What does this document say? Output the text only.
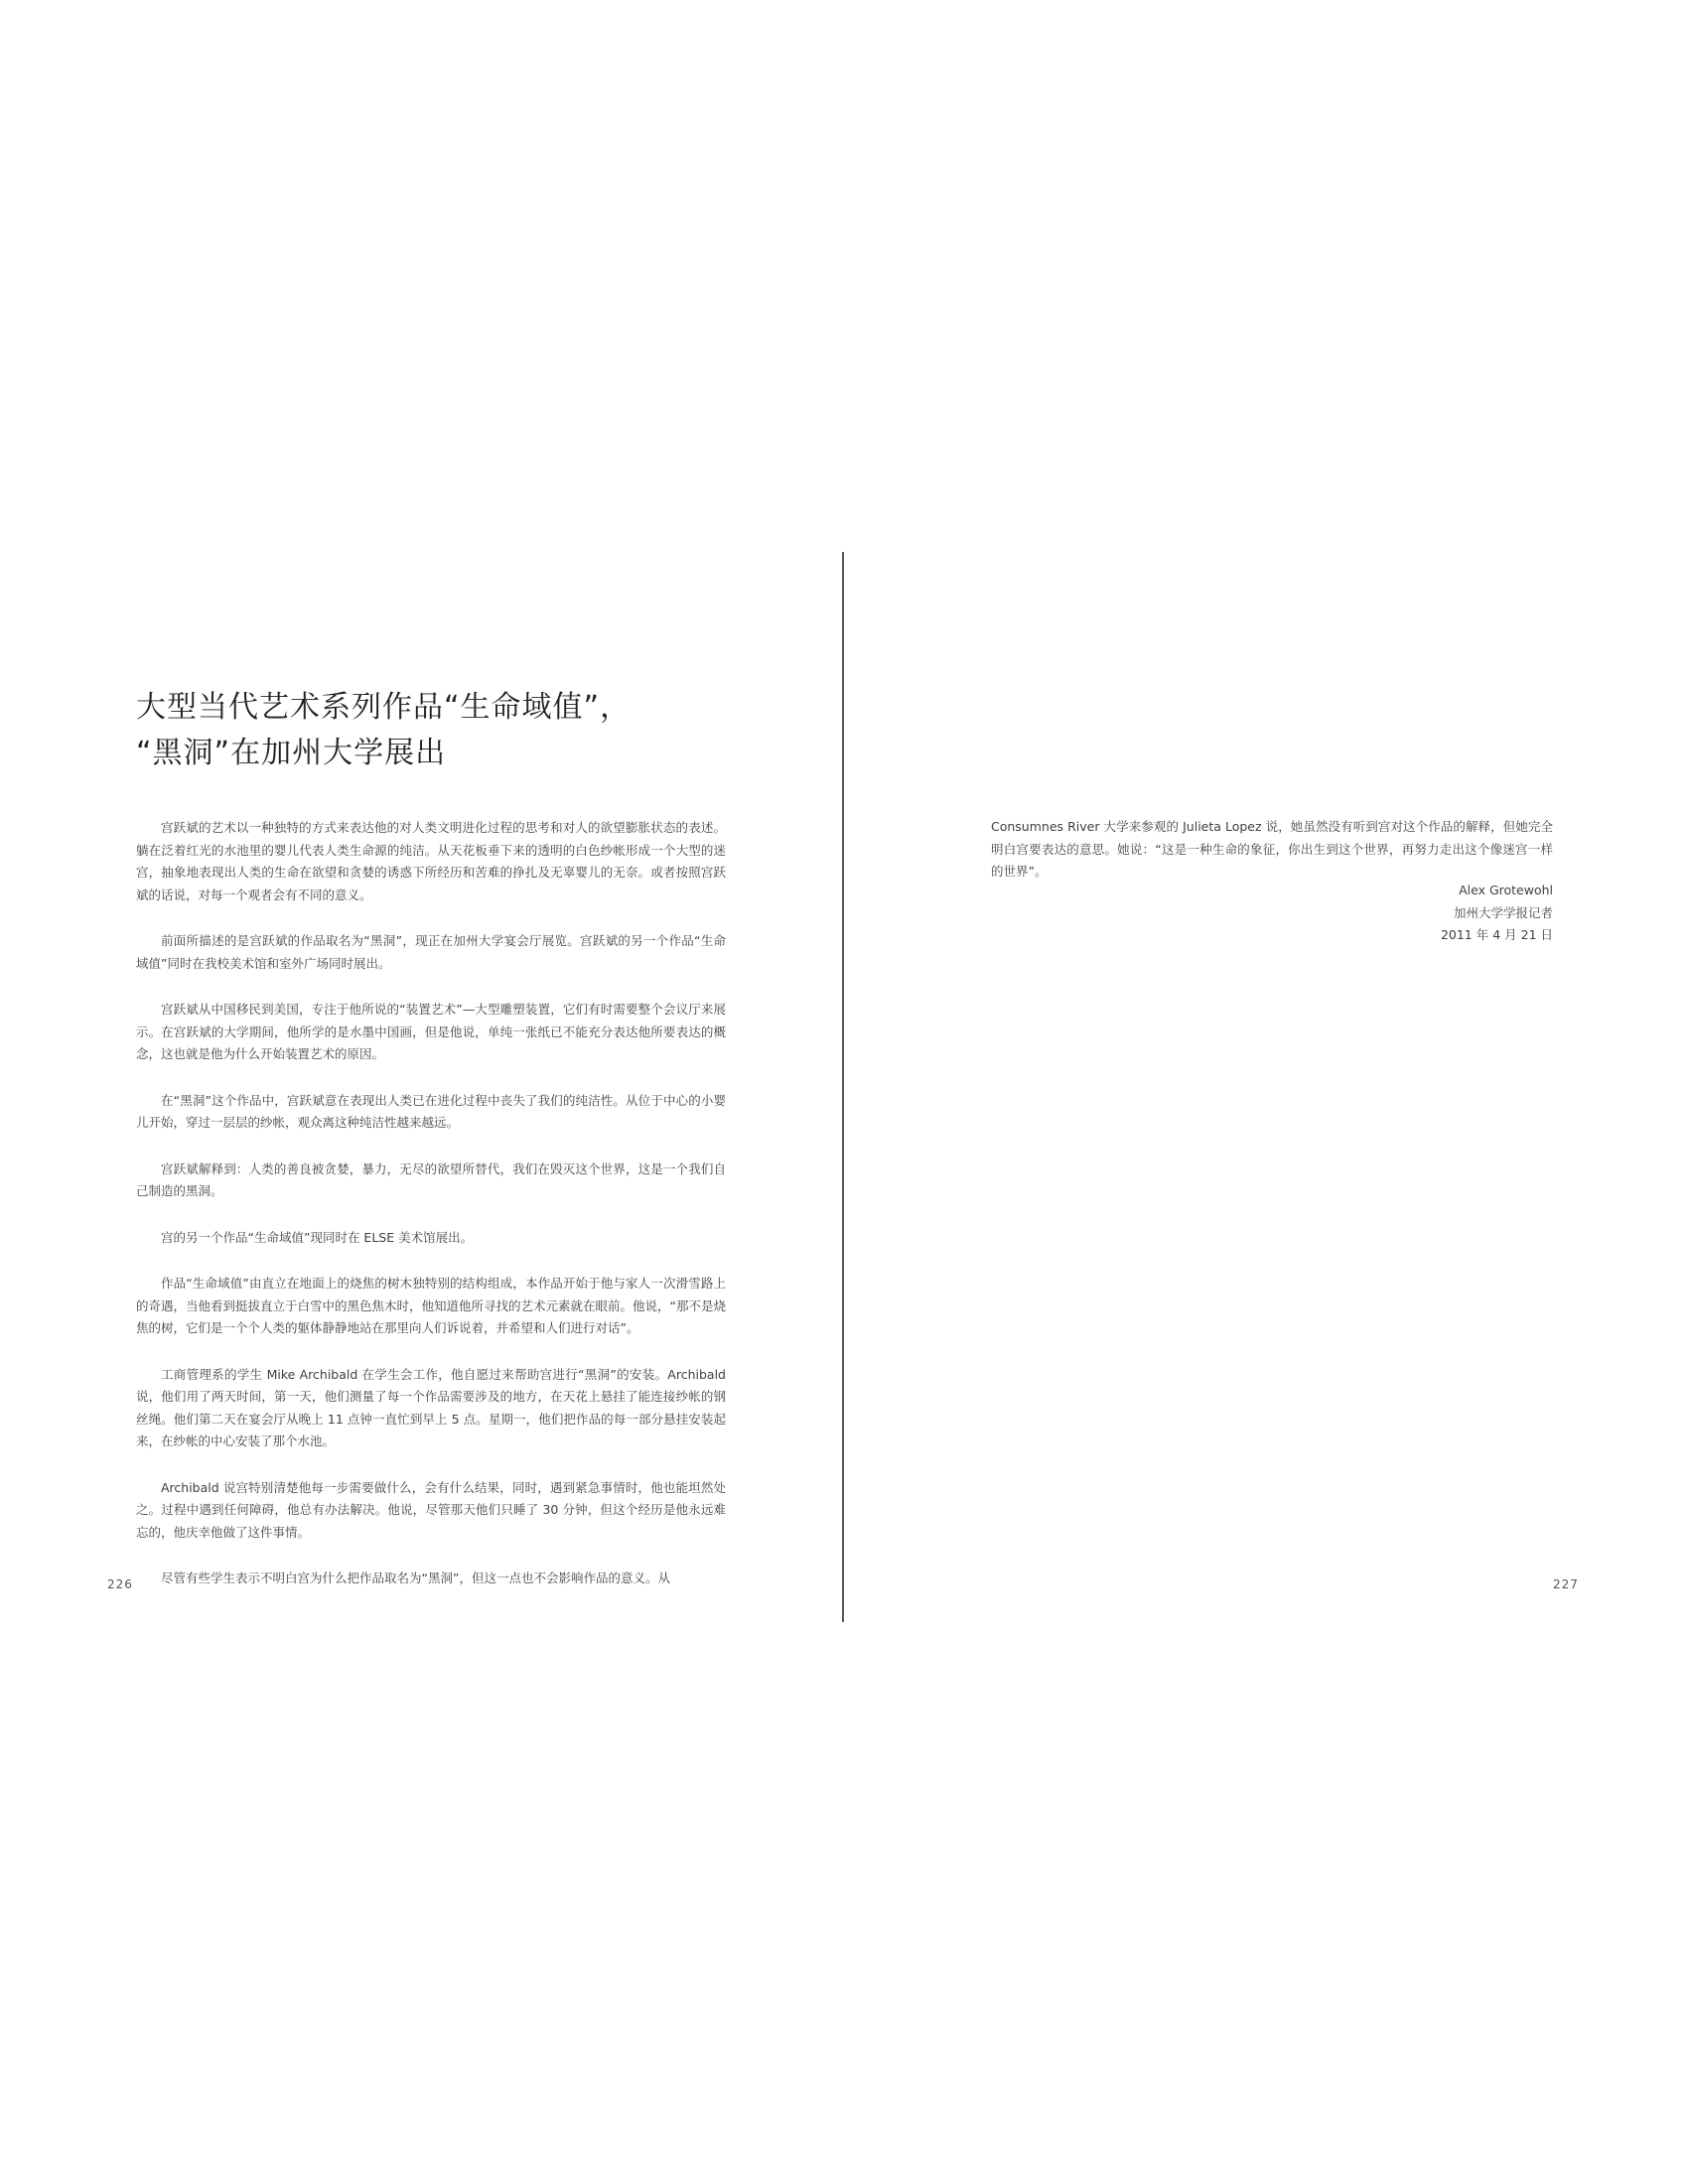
大型当代艺术系列作品“生命域值”，
“黑洞”在加州大学展出

宫跃斌的艺术以一种独特的方式来表达他的对人类文明进化过程的思考和对人的欲望膨胀状态的表述。躺在泛着红光的水池里的婴儿代表人类生命源的纯洁。从天花板垂下来的透明的白色纱帐形成一个大型的迷宫，抽象地表现出人类的生命在欲望和贪婪的诱惑下所经历和苦难的挣扎及无辜婴儿的无奈。或者按照宫跃斌的话说，对每一个观者会有不同的意义。

前面所描述的是宫跃斌的作品取名为“黑洞”，现正在加州大学宴会厅展览。宫跃斌的另一个作品“生命域值”同时在我校美术馆和室外广场同时展出。

宫跃斌从中国移民到美国，专注于他所说的“装置艺术”—大型雕塑装置，它们有时需要整个会议厅来展示。在宫跃斌的大学期间，他所学的是水墨中国画，但是他说，单纯一张纸已不能充分表达他所要表达的概念，这也就是他为什么开始装置艺术的原因。

在“黑洞”这个作品中，宫跃斌意在表现出人类已在进化过程中丧失了我们的纯洁性。从位于中心的小婴儿开始，穿过一层层的纱帐，观众离这种纯洁性越来越远。

宫跃斌解释到：人类的善良被贪婪，暴力，无尽的欲望所替代，我们在毁灭这个世界，这是一个我们自己制造的黑洞。

宫的另一个作品“生命域值”现同时在 ELSE 美术馆展出。

作品“生命域值”由直立在地面上的烧焦的树木独特别的结构组成，本作品开始于他与家人一次滑雪路上的奇遇，当他看到挺拔直立于白雪中的黑色焦木时，他知道他所寻找的艺术元素就在眼前。他说，“那不是烧焦的树，它们是一个个人类的躯体静静地站在那里向人们诉说着，并希望和人们进行对话”。

工商管理系的学生 Mike Archibald 在学生会工作，他自愿过来帮助宫进行“黑洞”的安装。Archibald 说，他们用了两天时间，第一天，他们测量了每一个作品需要涉及的地方，在天花上悬挂了能连接纱帐的钢丝绳。他们第二天在宴会厅从晚上 11 点钟一直忙到早上 5 点。星期一，他们把作品的每一部分悬挂安装起来，在纱帐的中心安装了那个水池。

Archibald 说宫特别清楚他每一步需要做什么，会有什么结果，同时，遇到紧急事情时，他也能坦然处之。过程中遇到任何障碍，他总有办法解决。他说，尽管那天他们只睡了 30 分钟，但这个经历是他永远难忘的，他庆幸他做了这件事情。

尽管有些学生表示不明白宫为什么把作品取名为“黑洞”，但这一点也不会影响作品的意义。从

226

Consumnes River 大学来参观的 Julieta Lopez 说，她虽然没有听到宫对这个作品的解释，但她完全明白宫要表达的意思。她说：“这是一种生命的象征，你出生到这个世界，再努力走出这个像迷宫一样的世界”。

Alex Grotewohl
加州大学学报记者
2011 年 4 月 21 日
227
